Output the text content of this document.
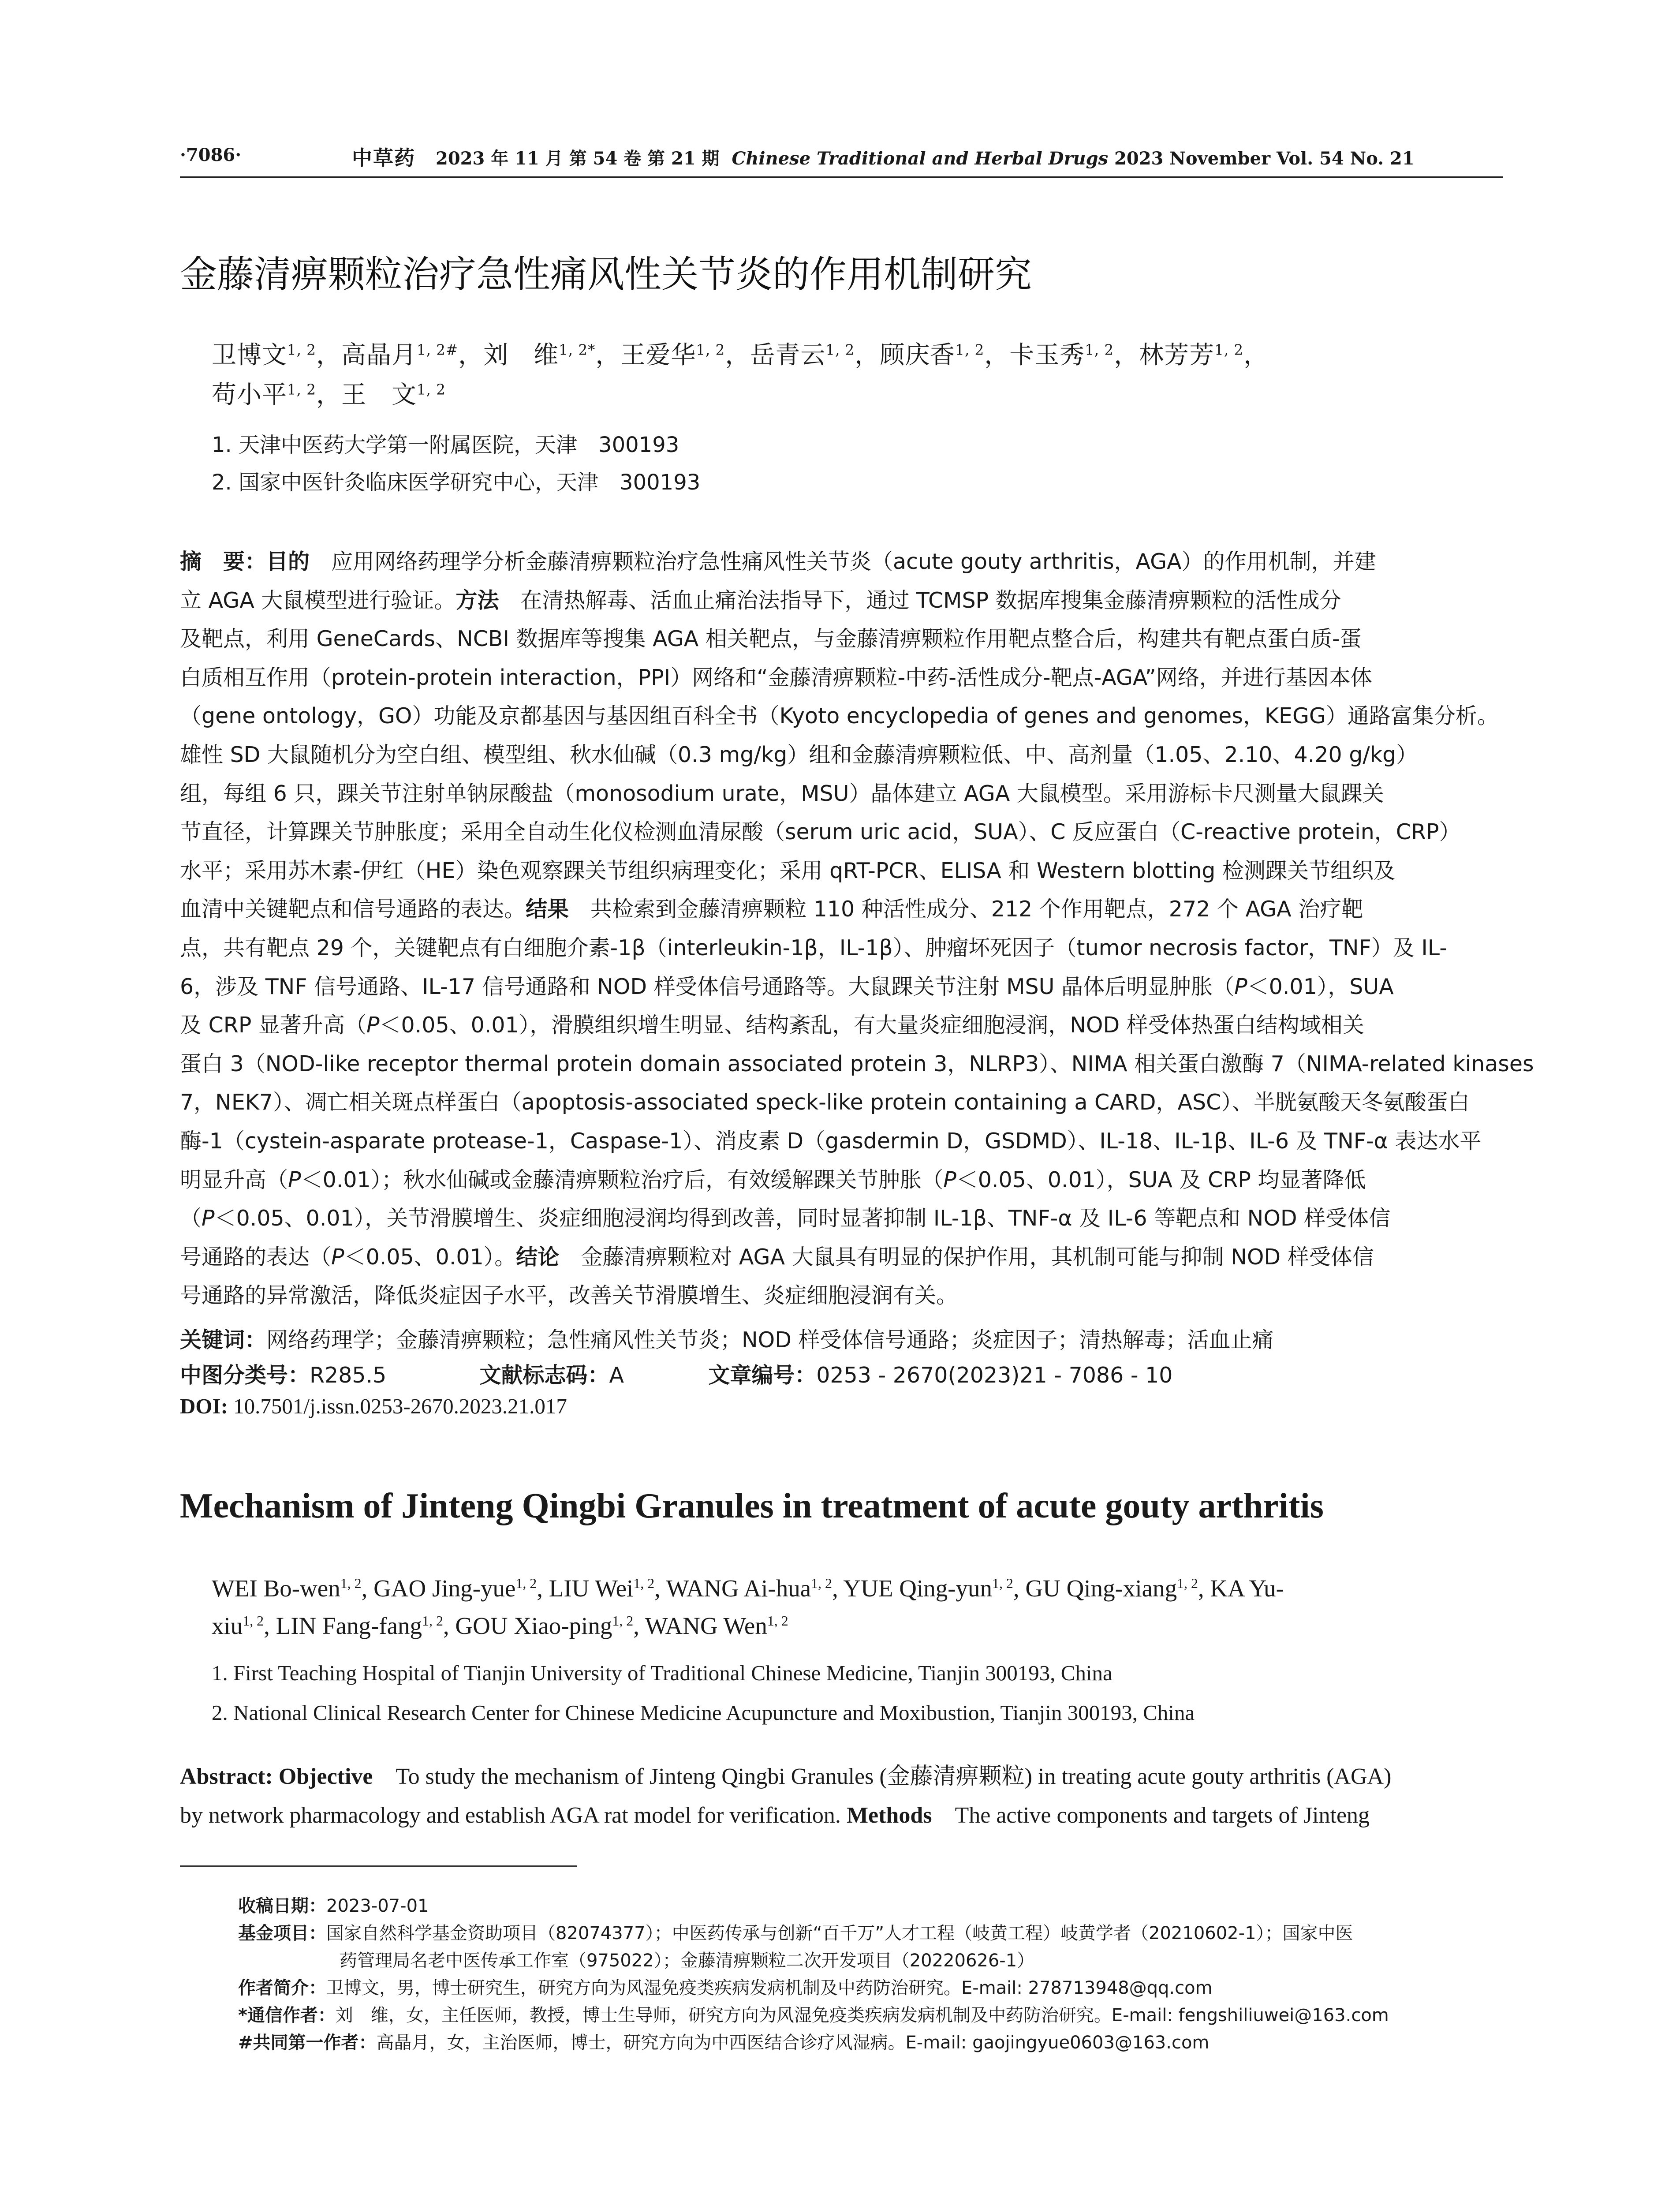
·7086·	中草药 2023 年 11 月 第 54 卷 第 21 期 Chinese Traditional and Herbal Drugs 2023 November Vol. 54 No. 21
金藤清痹颗粒治疗急性痛风性关节炎的作用机制研究
卫博文$^{1, 2}$，高晶月$^{1, 2\#}$，刘　维$^{1, 2*}$，王爱华$^{1, 2}$，岳青云$^{1, 2}$，顾庆香$^{1, 2}$，卡玉秀$^{1, 2}$，林芳芳$^{1, 2}$，
苟小平$^{1, 2}$，王　文$^{1, 2}$
1. 天津中医药大学第一附属医院，天津　300193
2. 国家中医针灸临床医学研究中心，天津　300193
摘　要：目的　应用网络药理学分析金藤清痹颗粒治疗急性痛风性关节炎（acute gouty arthritis，AGA）的作用机制，并建
立 AGA 大鼠模型进行验证。方法　在清热解毒、活血止痛治法指导下，通过 TCMSP 数据库搜集金藤清痹颗粒的活性成分
及靶点，利用 GeneCards、NCBI 数据库等搜集 AGA 相关靶点，与金藤清痹颗粒作用靶点整合后，构建共有靶点蛋白质-蛋
白质相互作用（protein-protein interaction，PPI）网络和“金藤清痹颗粒-中药-活性成分-靶点-AGA”网络，并进行基因本体
（gene ontology，GO）功能及京都基因与基因组百科全书（Kyoto encyclopedia of genes and genomes，KEGG）通路富集分析。
雄性 SD 大鼠随机分为空白组、模型组、秋水仙碱（0.3 mg/kg）组和金藤清痹颗粒低、中、高剂量（1.05、2.10、4.20 g/kg）
组，每组 6 只，踝关节注射单钠尿酸盐（monosodium urate，MSU）晶体建立 AGA 大鼠模型。采用游标卡尺测量大鼠踝关
节直径，计算踝关节肿胀度；采用全自动生化仪检测血清尿酸（serum uric acid，SUA）、C 反应蛋白（C-reactive protein，CRP）
水平；采用苏木素-伊红（HE）染色观察踝关节组织病理变化；采用 qRT-PCR、ELISA 和 Western blotting 检测踝关节组织及
血清中关键靶点和信号通路的表达。结果　共检索到金藤清痹颗粒 110 种活性成分、212 个作用靶点，272 个 AGA 治疗靶
点，共有靶点 29 个，关键靶点有白细胞介素-1β（interleukin-1β，IL-1β）、肿瘤坏死因子（tumor necrosis factor，TNF）及 IL-
6，涉及 TNF 信号通路、IL-17 信号通路和 NOD 样受体信号通路等。大鼠踝关节注射 MSU 晶体后明显肿胀（P＜0.01），SUA
及 CRP 显著升高（P＜0.05、0.01），滑膜组织增生明显、结构紊乱，有大量炎症细胞浸润，NOD 样受体热蛋白结构域相关
蛋白 3（NOD-like receptor thermal protein domain associated protein 3，NLRP3）、NIMA 相关蛋白激酶 7（NIMA-related kinases
7，NEK7）、凋亡相关斑点样蛋白（apoptosis-associated speck-like protein containing a CARD，ASC）、半胱氨酸天冬氨酸蛋白
酶-1（cystein-asparate protease-1，Caspase-1）、消皮素 D（gasdermin D，GSDMD）、IL-18、IL-1β、IL-6 及 TNF-α 表达水平
明显升高（P＜0.01）；秋水仙碱或金藤清痹颗粒治疗后，有效缓解踝关节肿胀（P＜0.05、0.01），SUA 及 CRP 均显著降低
（P＜0.05、0.01），关节滑膜增生、炎症细胞浸润均得到改善，同时显著抑制 IL-1β、TNF-α 及 IL-6 等靶点和 NOD 样受体信
号通路的表达（P＜0.05、0.01）。结论　金藤清痹颗粒对 AGA 大鼠具有明显的保护作用，其机制可能与抑制 NOD 样受体信
号通路的异常激活，降低炎症因子水平，改善关节滑膜增生、炎症细胞浸润有关。
关键词：网络药理学；金藤清痹颗粒；急性痛风性关节炎；NOD 样受体信号通路；炎症因子；清热解毒；活血止痛
中图分类号：R285.5	文献标志码：A	文章编号：0253 - 2670(2023)21 - 7086 - 10
DOI: 10.7501/j.issn.0253-2670.2023.21.017
Mechanism of Jinteng Qingbi Granules in treatment of acute gouty arthritis
WEI Bo-wen$^{1, 2}$, GAO Jing-yue$^{1, 2}$, LIU Wei$^{1, 2}$, WANG Ai-hua$^{1, 2}$, YUE Qing-yun$^{1, 2}$, GU Qing-xiang$^{1, 2}$, KA Yu-
xiu$^{1, 2}$, LIN Fang-fang$^{1, 2}$, GOU Xiao-ping$^{1, 2}$, WANG Wen$^{1, 2}$
1. First Teaching Hospital of Tianjin University of Traditional Chinese Medicine, Tianjin 300193, China
2. National Clinical Research Center for Chinese Medicine Acupuncture and Moxibustion, Tianjin 300193, China
Abstract: Objective　To study the mechanism of Jinteng Qingbi Granules (金藤清痹颗粒) in treating acute gouty arthritis (AGA)
by network pharmacology and establish AGA rat model for verification. Methods　The active components and targets of Jinteng
收稿日期：2023-07-01
基金项目：国家自然科学基金资助项目（82074377）；中医药传承与创新“百千万”人才工程（岐黄工程）岐黄学者（20210602-1）；国家中医
药管理局名老中医传承工作室（975022）；金藤清痹颗粒二次开发项目（20220626-1）
作者简介：卫博文，男，博士研究生，研究方向为风湿免疫类疾病发病机制及中药防治研究。E-mail: 278713948@qq.com
*通信作者：刘　维，女，主任医师，教授，博士生导师，研究方向为风湿免疫类疾病发病机制及中药防治研究。E-mail: fengshiliuwei@163.com
#共同第一作者：高晶月，女，主治医师，博士，研究方向为中西医结合诊疗风湿病。E-mail: gaojingyue0603@163.com
